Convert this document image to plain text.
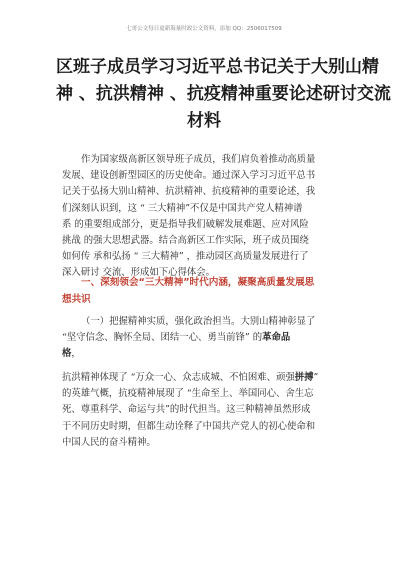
七哥公文每日更新海量时政公文资料，添加 QQ：2506017509
区班子成员学习习近平总书记关于大别山精
神 、抗洪精神 、抗疫精神重要论述研讨交流
材料
作为国家级高新区领导班子成员，我们肩负着推动高质量
发展、建设创新型园区的历史使命。通过深入学习习近平总书
记关于弘扬大别山精神、抗洪精神、抗疫精神的重要论述，我
们深刻认识到，这 “ 三大精神”不仅是中国共产党人精神谱
系 的重要组成部分，更是指导我们破解发展难题、应对风险
挑战 的强大思想武器。结合高新区工作实际，班子成员围绕
如何传 承和弘扬 “ 三大精神” ，推动园区高质量发展进行了
深入研讨 交流、形成如下心得体会。
一、深刻领会“三大精神”时代内涵，凝聚高质量发展思
想共识
（一）把握精神实质，强化政治担当。大别山精神彰显了
“坚守信念、胸怀全局、团结一心、勇当前锋” 的革命品
格，
抗洪精神体现了 “万众一心、众志成城、不怕困难、顽强拼搏”
的英雄气概，抗疫精神展现了 “生命至上、举国同心、舍生忘
死、尊重科学、命运与共”的时代担当。这三种精神虽然形成
于不同历史时期，但都生动诠释了中国共产党人的初心使命和
中国人民的奋斗精神。
